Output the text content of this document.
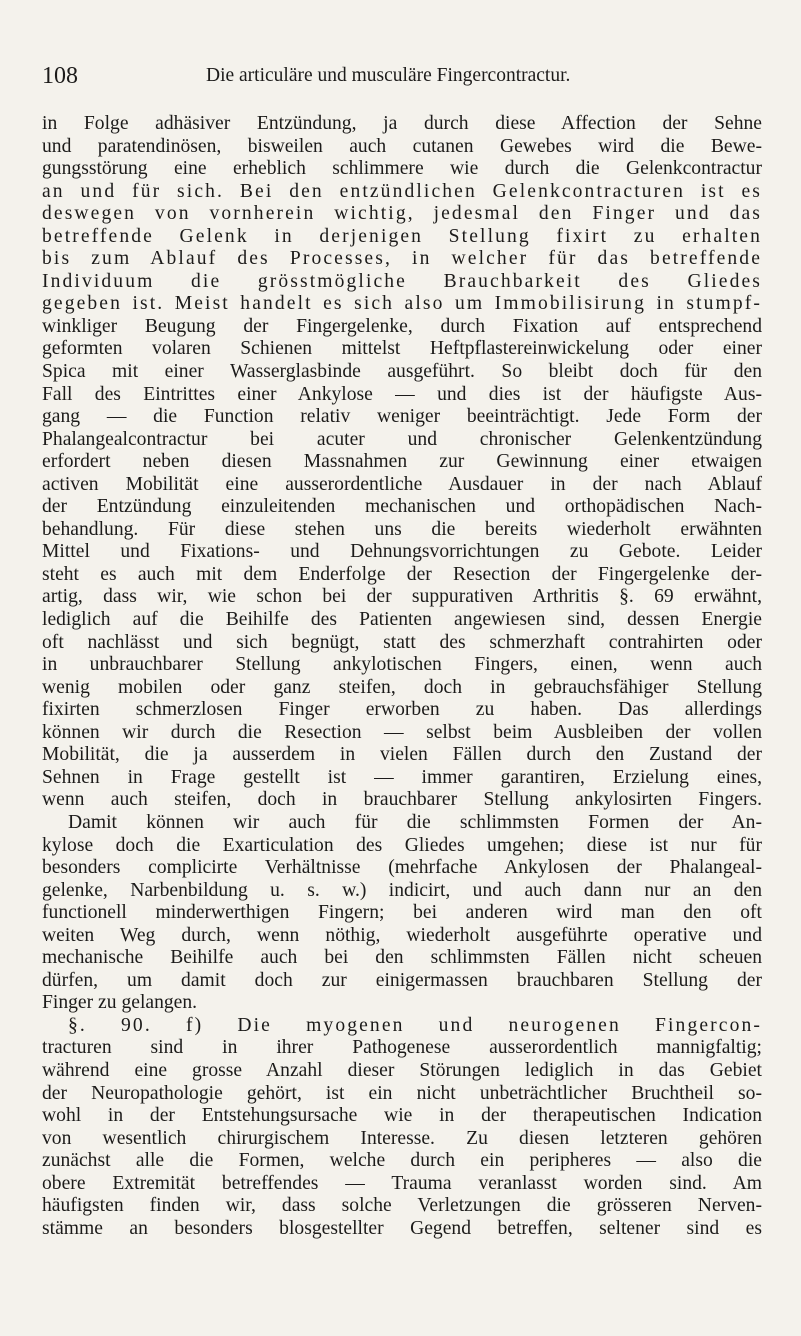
108	Die articuläre und musculäre Fingercontractur.
in Folge adhäsiver Entzündung, ja durch diese Affection der Sehne
und paratendinösen, bisweilen auch cutanen Gewebes wird die Bewe-
gungsstörung eine erheblich schlimmere wie durch die Gelenkcontractur
an und für sich. Bei den entzündlichen Gelenkcontracturen ist es
deswegen von vornherein wichtig, jedesmal den Finger und das
betreffende Gelenk in derjenigen Stellung fixirt zu erhalten
bis zum Ablauf des Processes, in welcher für das betreffende
Individuum die grösstmögliche Brauchbarkeit des Gliedes
gegeben ist. Meist handelt es sich also um Immobilisirung in stumpf-
winkliger Beugung der Fingergelenke, durch Fixation auf entsprechend
geformten volaren Schienen mittelst Heftpflastereinwickelung oder einer
Spica mit einer Wasserglasbinde ausgeführt. So bleibt doch für den
Fall des Eintrittes einer Ankylose — und dies ist der häufigste Aus-
gang — die Function relativ weniger beeinträchtigt. Jede Form der
Phalangealcontractur bei acuter und chronischer Gelenkentzündung
erfordert neben diesen Massnahmen zur Gewinnung einer etwaigen
activen Mobilität eine ausserordentliche Ausdauer in der nach Ablauf
der Entzündung einzuleitenden mechanischen und orthopädischen Nach-
behandlung. Für diese stehen uns die bereits wiederholt erwähnten
Mittel und Fixations- und Dehnungsvorrichtungen zu Gebote. Leider
steht es auch mit dem Enderfolge der Resection der Fingergelenke der-
artig, dass wir, wie schon bei der suppurativen Arthritis §. 69 erwähnt,
lediglich auf die Beihilfe des Patienten angewiesen sind, dessen Energie
oft nachlässt und sich begnügt, statt des schmerzhaft contrahirten oder
in unbrauchbarer Stellung ankylotischen Fingers, einen, wenn auch
wenig mobilen oder ganz steifen, doch in gebrauchsfähiger Stellung
fixirten schmerzlosen Finger erworben zu haben. Das allerdings
können wir durch die Resection — selbst beim Ausbleiben der vollen
Mobilität, die ja ausserdem in vielen Fällen durch den Zustand der
Sehnen in Frage gestellt ist — immer garantiren, Erzielung eines,
wenn auch steifen, doch in brauchbarer Stellung ankylosirten Fingers.
Damit können wir auch für die schlimmsten Formen der An-
kylose doch die Exarticulation des Gliedes umgehen; diese ist nur für
besonders complicirte Verhältnisse (mehrfache Ankylosen der Phalangeal-
gelenke, Narbenbildung u. s. w.) indicirt, und auch dann nur an den
functionell minderwerthigen Fingern; bei anderen wird man den oft
weiten Weg durch, wenn nöthig, wiederholt ausgeführte operative und
mechanische Beihilfe auch bei den schlimmsten Fällen nicht scheuen
dürfen, um damit doch zur einigermassen brauchbaren Stellung der
Finger zu gelangen.
§. 90. f) Die myogenen und neurogenen Fingercon-
tracturen sind in ihrer Pathogenese ausserordentlich mannigfaltig;
während eine grosse Anzahl dieser Störungen lediglich in das Gebiet
der Neuropathologie gehört, ist ein nicht unbeträchtlicher Bruchtheil so-
wohl in der Entstehungsursache wie in der therapeutischen Indication
von wesentlich chirurgischem Interesse. Zu diesen letzteren gehören
zunächst alle die Formen, welche durch ein peripheres — also die
obere Extremität betreffendes — Trauma veranlasst worden sind. Am
häufigsten finden wir, dass solche Verletzungen die grösseren Nerven-
stämme an besonders blosgestellter Gegend betreffen, seltener sind es
